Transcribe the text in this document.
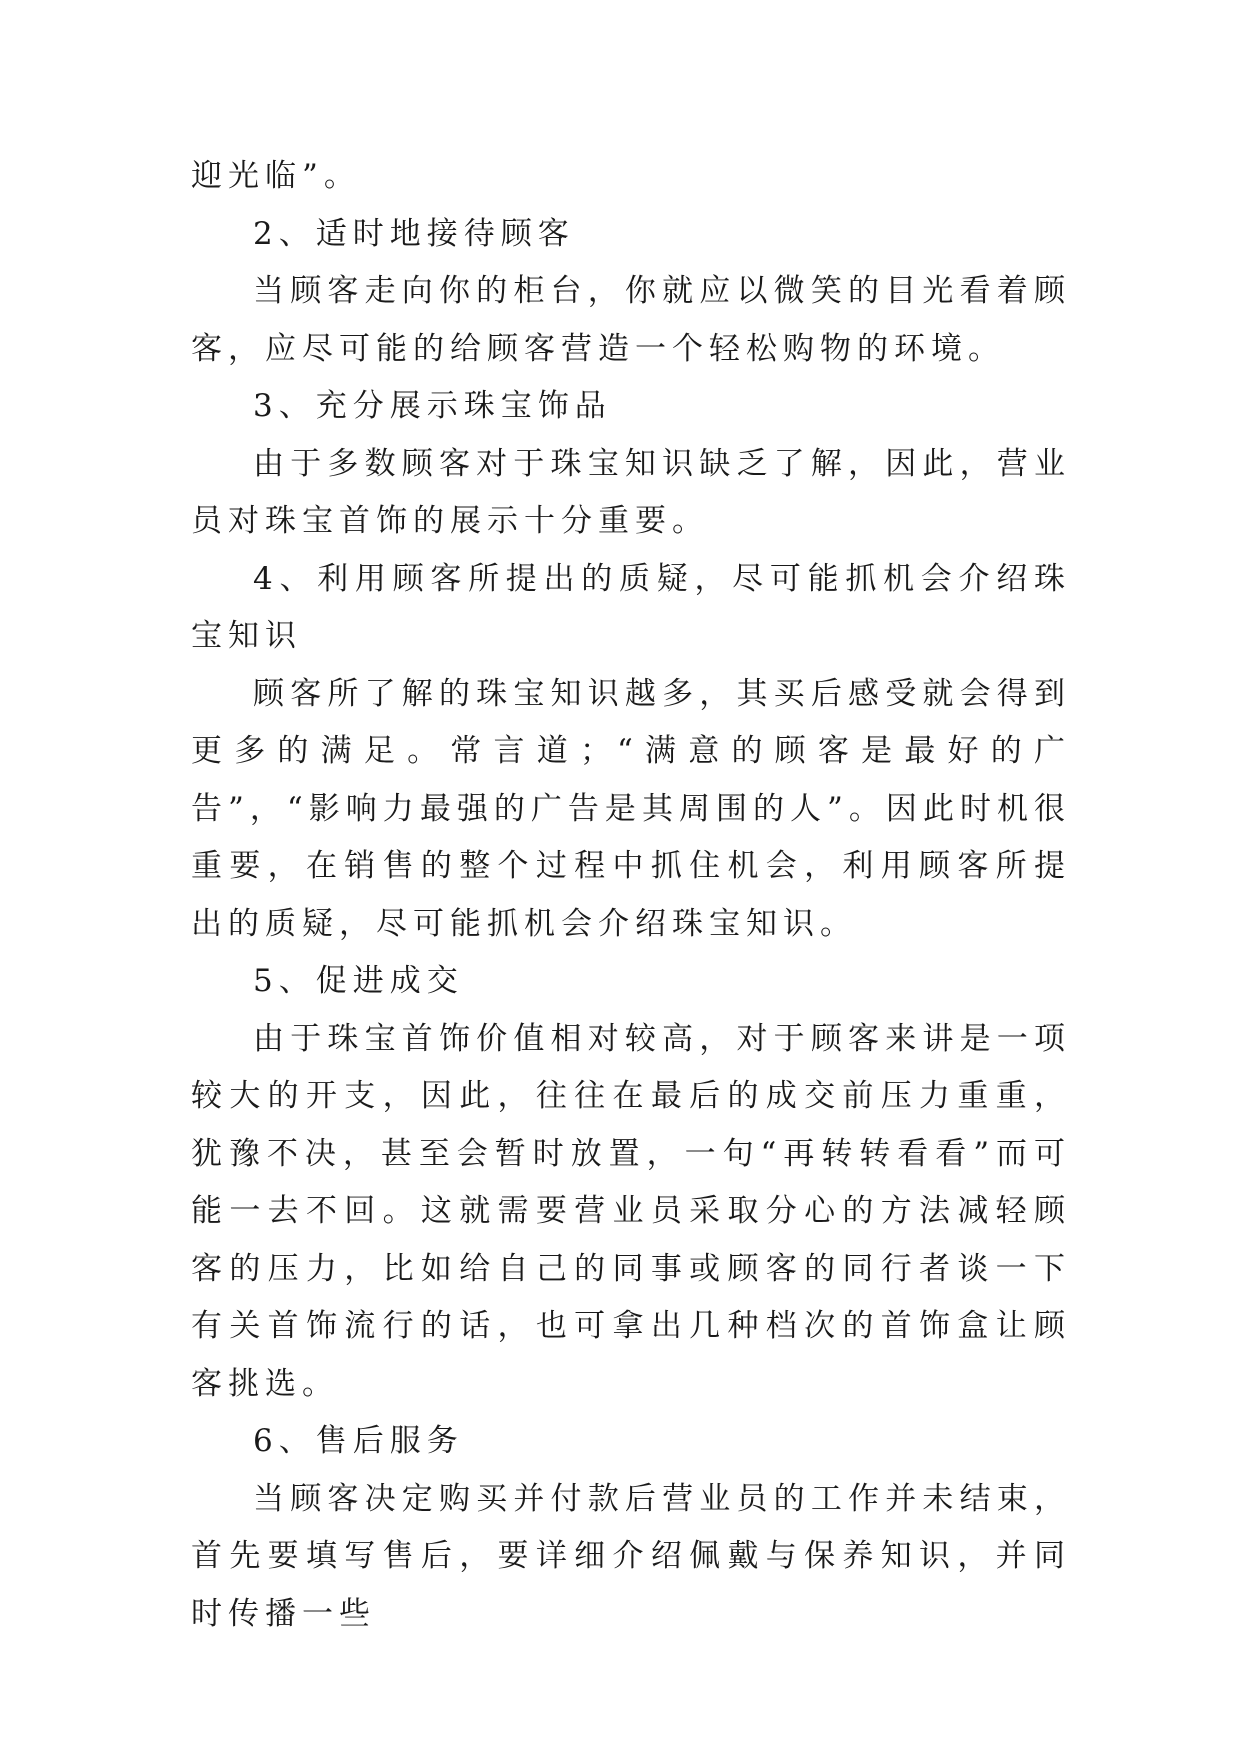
迎光临”。

2、适时地接待顾客

当顾客走向你的柜台，你就应以微笑的目光看着顾客，应尽可能的给顾客营造一个轻松购物的环境。

3、充分展示珠宝饰品

由于多数顾客对于珠宝知识缺乏了解，因此，营业员对珠宝首饰的展示十分重要。

4、利用顾客所提出的质疑，尽可能抓机会介绍珠宝知识

顾客所了解的珠宝知识越多，其买后感受就会得到更多的满足。常言道；“满意的顾客是最好的广告”，“影响力最强的广告是其周围的人”。因此时机很重要，在销售的整个过程中抓住机会，利用顾客所提出的质疑，尽可能抓机会介绍珠宝知识。

5、促进成交

由于珠宝首饰价值相对较高，对于顾客来讲是一项较大的开支，因此，往往在最后的成交前压力重重，犹豫不决，甚至会暂时放置，一句“再转转看看”而可能一去不回。这就需要营业员采取分心的方法减轻顾客的压力，比如给自己的同事或顾客的同行者谈一下有关首饰流行的话，也可拿出几种档次的首饰盒让顾客挑选。

6、售后服务

当顾客决定购买并付款后营业员的工作并未结束，首先要填写售后，要详细介绍佩戴与保养知识，并同时传播一些
